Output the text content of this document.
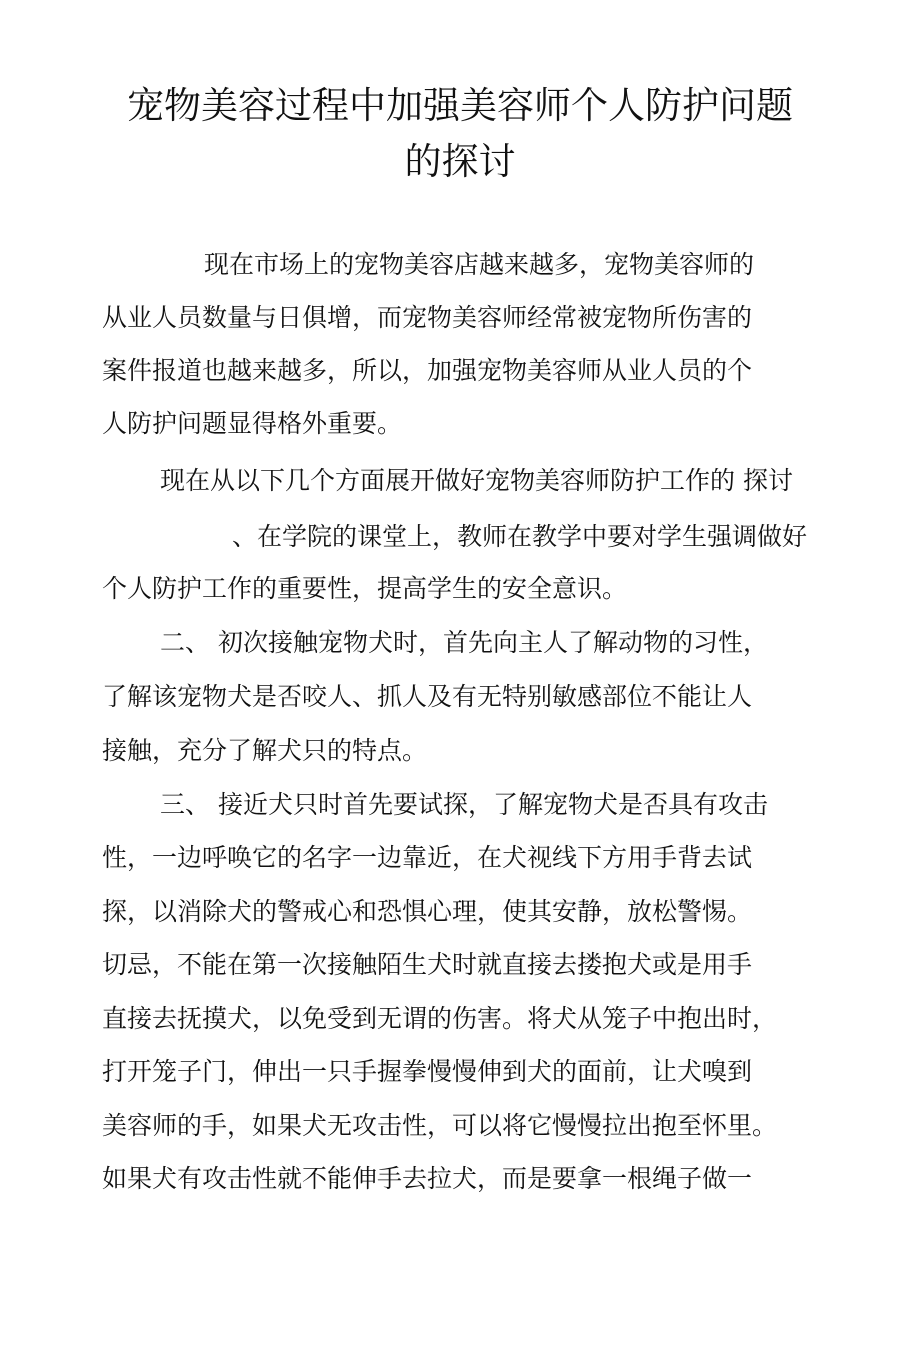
宠物美容过程中加强美容师个人防护问题
的探讨

现在市场上的宠物美容店越来越多，宠物美容师的

从业人员数量与日俱增，而宠物美容师经常被宠物所伤害的

案件报道也越来越多，所以，加强宠物美容师从业人员的个

人防护问题显得格外重要。

现在从以下几个方面展开做好宠物美容师防护工作的 探讨

、在学院的课堂上，教师在教学中要对学生强调做好

个人防护工作的重要性，提高学生的安全意识。

二、 初次接触宠物犬时，首先向主人了解动物的习性，

了解该宠物犬是否咬人、抓人及有无特别敏感部位不能让人

接触，充分了解犬只的特点。

三、 接近犬只时首先要试探，了解宠物犬是否具有攻击

性，一边呼唤它的名字一边靠近，在犬视线下方用手背去试

探，以消除犬的警戒心和恐惧心理，使其安静，放松警惕。

切忌，不能在第一次接触陌生犬时就直接去搂抱犬或是用手

直接去抚摸犬，以免受到无谓的伤害。将犬从笼子中抱出时，

打开笼子门，伸出一只手握拳慢慢伸到犬的面前，让犬嗅到

美容师的手，如果犬无攻击性，可以将它慢慢拉出抱至怀里。

如果犬有攻击性就不能伸手去拉犬，而是要拿一根绳子做一
